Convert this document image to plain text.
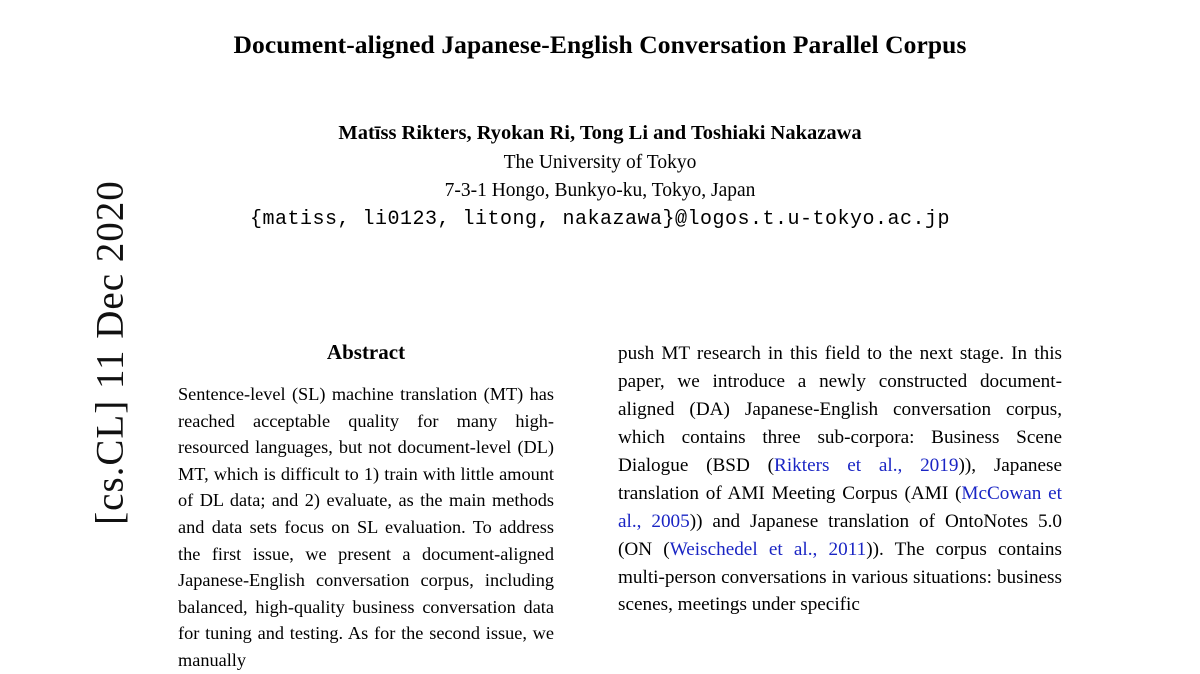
[cs.CL] 11 Dec 2020
Document-aligned Japanese-English Conversation Parallel Corpus
Matīss Rikters, Ryokan Ri, Tong Li and Toshiaki Nakazawa
The University of Tokyo
7-3-1 Hongo, Bunkyo-ku, Tokyo, Japan
{matiss, li0123, litong, nakazawa}@logos.t.u-tokyo.ac.jp
Abstract

Sentence-level (SL) machine translation (MT) has reached acceptable quality for many high-resourced languages, but not document-level (DL) MT, which is difficult to 1) train with little amount of DL data; and 2) evaluate, as the main methods and data sets focus on SL evaluation. To address the first issue, we present a document-aligned Japanese-English conversation corpus, including balanced, high-quality business conversation data for tuning and testing. As for the second issue, we manually

push MT research in this field to the next stage. In this paper, we introduce a newly constructed document-aligned (DA) Japanese-English conversation corpus, which contains three sub-corpora: Business Scene Dialogue (BSD (Rikters et al., 2019)), Japanese translation of AMI Meeting Corpus (AMI (McCowan et al., 2005)) and Japanese translation of OntoNotes 5.0 (ON (Weischedel et al., 2011)). The corpus contains multi-person conversations in various situations: business scenes, meetings under specific
